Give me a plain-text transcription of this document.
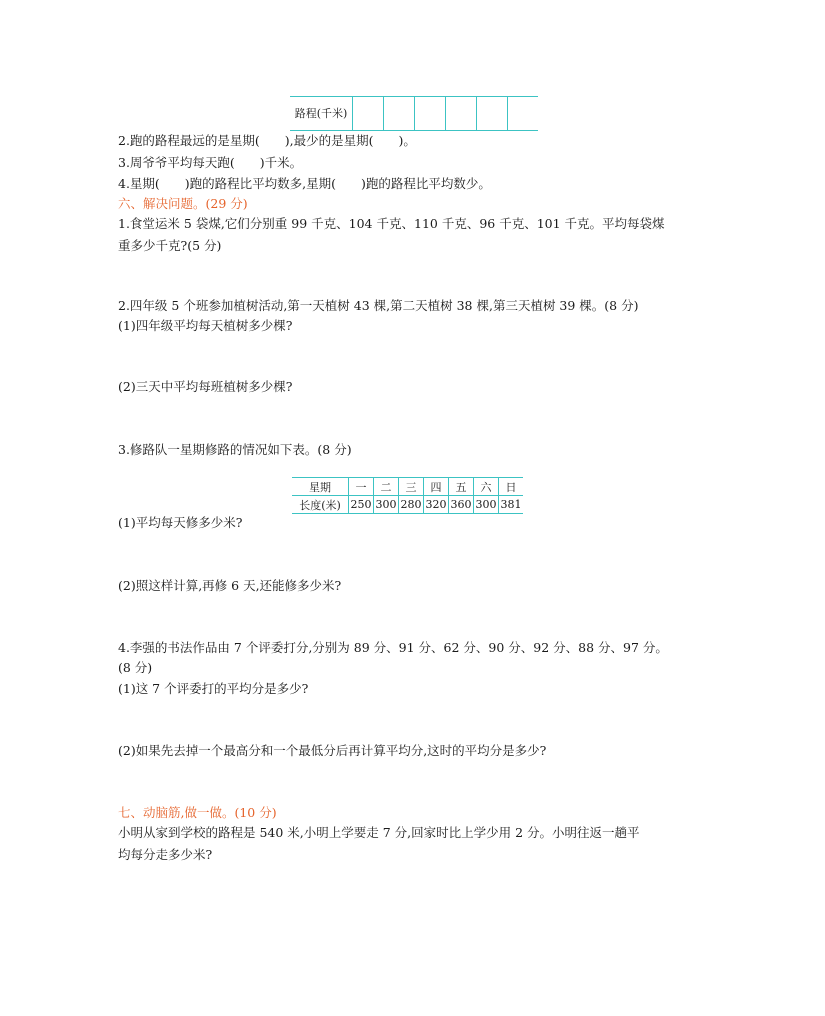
路程(千米)						
2.跑的路程最远的是星期(　　),最少的是星期(　　)。
3.周爷爷平均每天跑(　　)千米。
4.星期(　　)跑的路程比平均数多,星期(　　)跑的路程比平均数少。
六、解决问题。(29 分)
1.食堂运米 5 袋煤,它们分别重 99 千克、104 千克、110 千克、96 千克、101 千克。平均每袋煤
重多少千克?(5 分)
2.四年级 5 个班参加植树活动,第一天植树 43 棵,第二天植树 38 棵,第三天植树 39 棵。(8 分)
(1)四年级平均每天植树多少棵?
(2)三天中平均每班植树多少棵?
3.修路队一星期修路的情况如下表。(8 分)
星期	一	二	三	四	五	六	日
长度(米)	250	300	280	320	360	300	381
(1)平均每天修多少米?
(2)照这样计算,再修 6 天,还能修多少米?
4.李强的书法作品由 7 个评委打分,分别为 89 分、91 分、62 分、90 分、92 分、88 分、97 分。
(8 分)
(1)这 7 个评委打的平均分是多少?
(2)如果先去掉一个最高分和一个最低分后再计算平均分,这时的平均分是多少?
七、动脑筋,做一做。(10 分)
小明从家到学校的路程是 540 米,小明上学要走 7 分,回家时比上学少用 2 分。小明往返一趟平
均每分走多少米?
